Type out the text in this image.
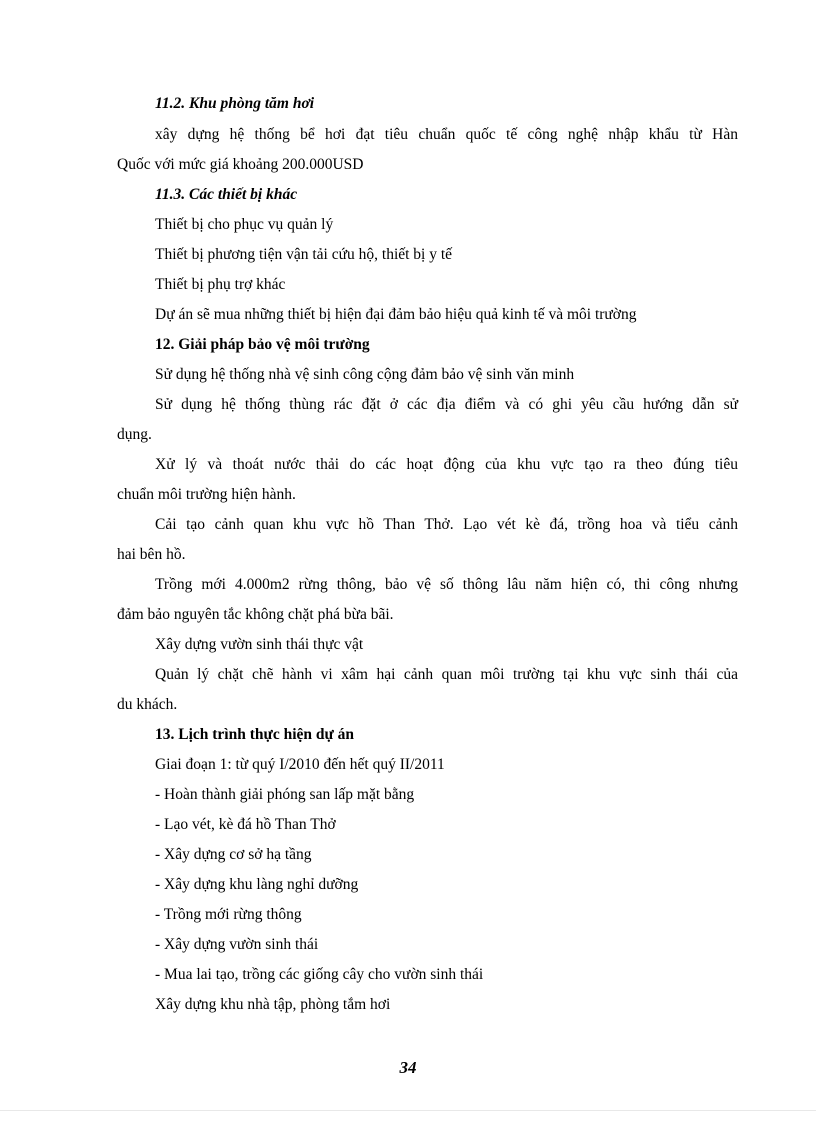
11.2. Khu phòng tăm hơi
xây dựng hệ thống bể hơi đạt tiêu chuẩn quốc tế công nghệ nhập khẩu từ Hàn
Quốc với mức giá khoảng 200.000USD
11.3. Các thiết bị khác
Thiết bị cho phục vụ quản lý
Thiết bị phương tiện vận tải cứu hộ, thiết bị y tế
Thiết bị phụ trợ khác
Dự án sẽ mua những thiết bị hiện đại đảm bảo hiệu quả kinh tế và môi trường
12. Giải pháp bảo vệ môi trường
Sử dụng hệ thống nhà vệ sinh công cộng đảm bảo vệ sinh văn minh
Sử dụng hệ thống thùng rác đặt ở các địa điểm và có ghi yêu cầu hướng dẫn sử
dụng.
Xử lý và thoát nước thải do các hoạt động của khu vực tạo ra theo đúng tiêu
chuẩn môi trường hiện hành.
Cải tạo cảnh quan khu vực hồ Than Thở. Lạo vét kè đá, trồng hoa và tiểu cảnh
hai bên hồ.
Trồng mới 4.000m2 rừng thông, bảo vệ số thông lâu năm hiện có, thi công nhưng
đảm bảo nguyên tắc không chặt phá bừa bãi.
Xây dựng vườn sinh thái thực vật
Quản lý chặt chẽ hành vi xâm hại cảnh quan môi trường tại khu vực sinh thái của
du khách.
13. Lịch trình thực hiện dự án
Giai đoạn 1: từ quý I/2010 đến hết quý II/2011
- Hoàn thành giải phóng san lấp mặt bằng
- Lạo vét, kè đá hồ Than Thở
- Xây dựng cơ sở hạ tầng
- Xây dựng khu làng nghỉ dưỡng
- Trồng mới rừng thông
- Xây dựng vườn sinh thái
- Mua lai tạo, trồng các giống cây cho vườn sinh thái
Xây dựng khu nhà tập, phòng tắm hơi
34
